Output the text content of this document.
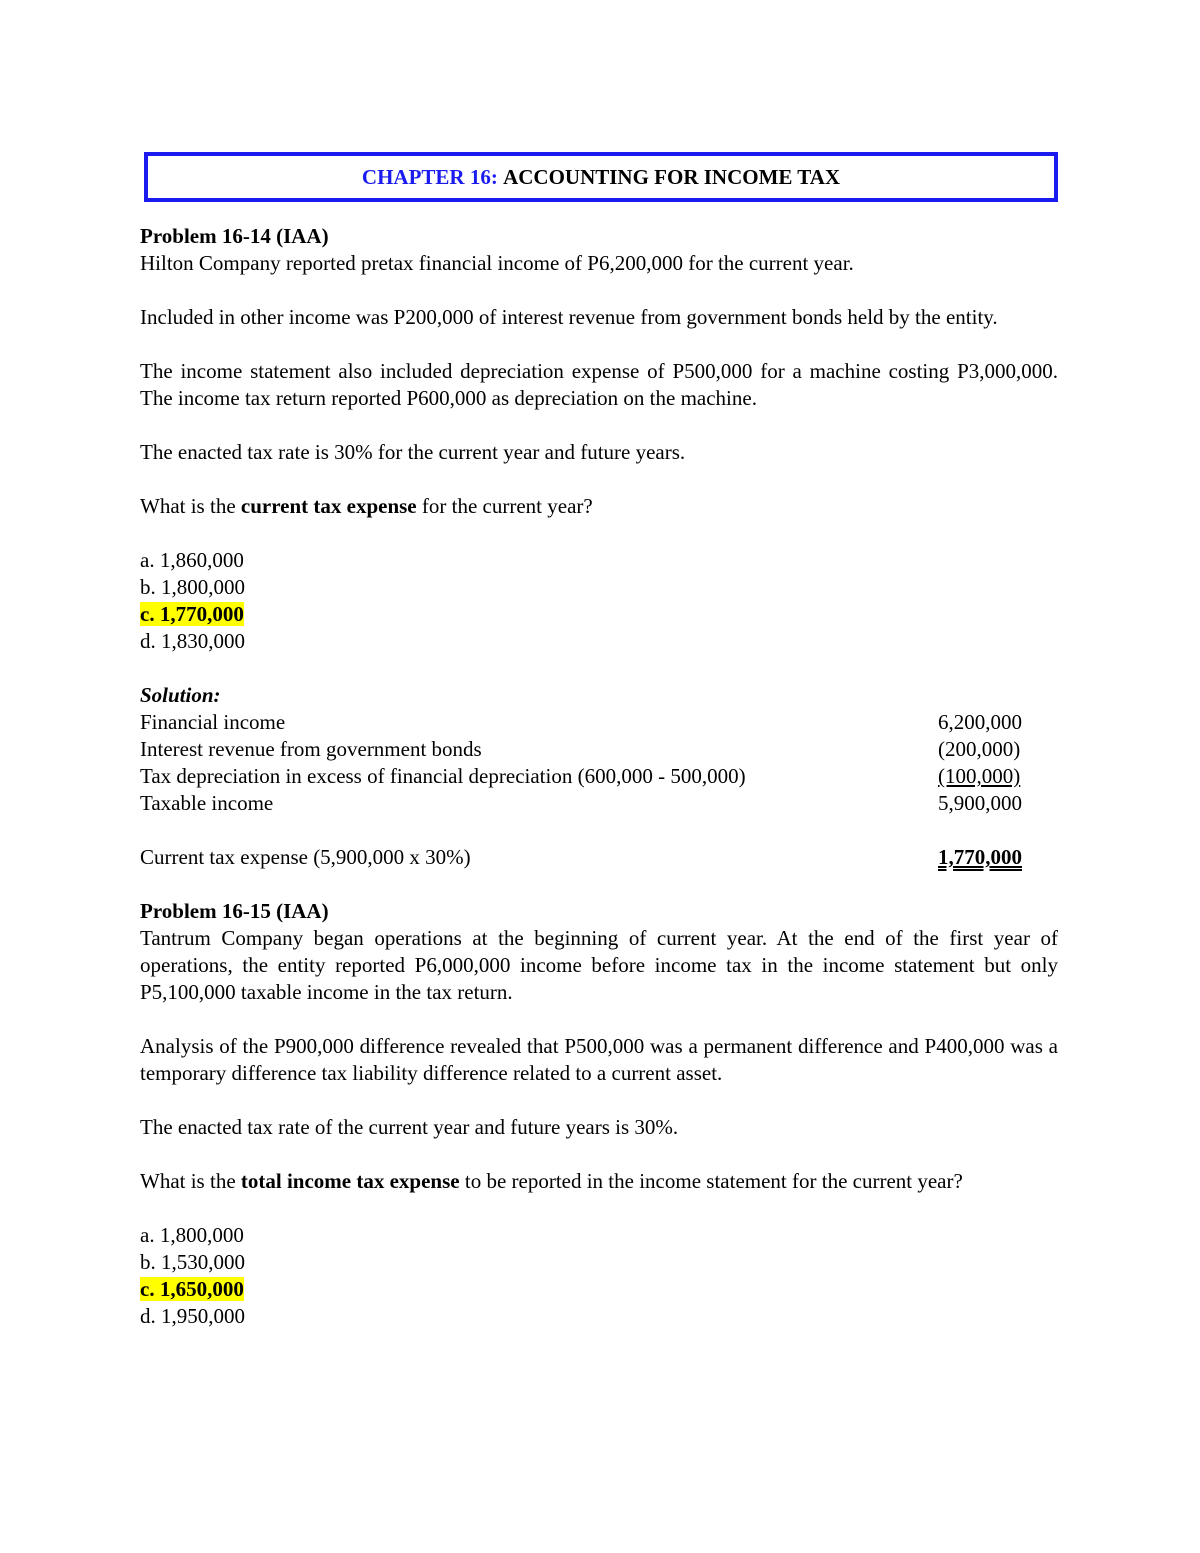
CHAPTER 16:
ACCOUNTING FOR INCOME TAX

Problem 16-14 (IAA)

Hilton Company reported pretax financial income of P6,200,000 for the current year.

Included in other income was P200,000 of interest revenue from government bonds held by the entity.

The income statement also included depreciation expense of P500,000 for a machine costing P3,000,000. The income tax return reported P600,000 as depreciation on the machine.

The enacted tax rate is 30% for the current year and future years.

What is the current tax expense for the current year?

a. 1,860,000

b. 1,800,000

c. 1,770,000

d. 1,830,000

Solution:

Financial income	6,200,000
Interest revenue from government bonds	(200,000)
Tax depreciation in excess of financial depreciation (600,000 - 500,000)	(100,000)
Taxable income	5,900,000
Current tax expense (5,900,000 x 30%)	1,770,000

Problem 16-15 (IAA)

Tantrum Company began operations at the beginning of current year. At the end of the first year of operations, the entity reported P6,000,000 income before income tax in the income statement but only P5,100,000 taxable income in the tax return.

Analysis of the P900,000 difference revealed that P500,000 was a permanent difference and P400,000 was a temporary difference tax liability difference related to a current asset.

The enacted tax rate of the current year and future years is 30%.

What is the total income tax expense to be reported in the income statement for the current year?

a. 1,800,000

b. 1,530,000

c. 1,650,000

d. 1,950,000
